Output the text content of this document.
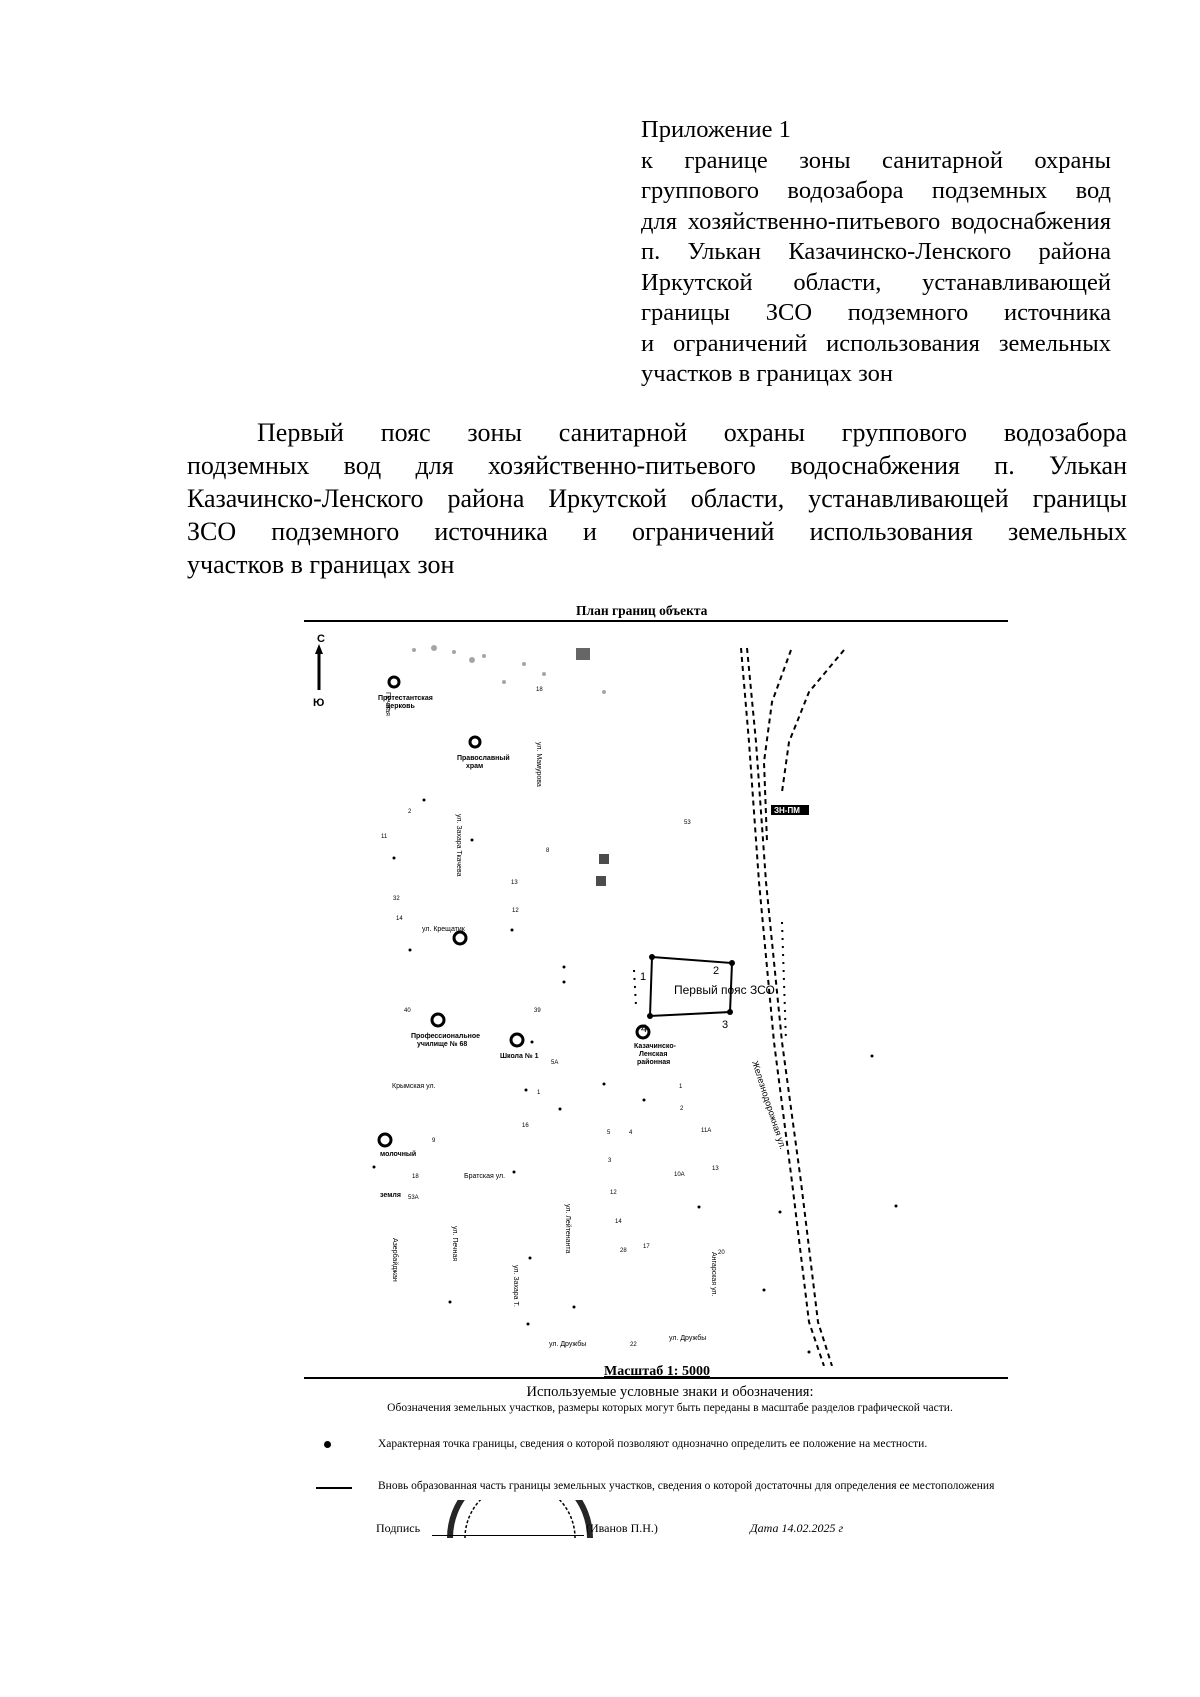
Приложение 1

к границе зоны санитарной охраны

группового водозабора подземных вод

для хозяйственно-питьевого водоснабжения

п. Улькан Казачинско-Ленского района

Иркутской области, устанавливающей

границы ЗСО подземного источника

и ограничений использования земельных

участков в границах зон

Первый пояс зоны санитарной охраны группового водозабора

подземных вод для хозяйственно-питьевого водоснабжения п. Улькан

Казачинско-Ленского района Иркутской области, устанавливающей границы

ЗСО подземного источника и ограничений использования земельных

участков в границах зон

План границ объекта
С
Ю
ЗН-ПМ
1	2
3
4
Первый пояс ЗСО
Протестантская
церковь
Православный
храм
Профессиональное
училище № 68
Школа № 1
Казачинско-
Ленская
районная
молочный
земля
Печная
ул. Мамурова
ул. Захара Ткачева
ул. Крещатик
Крымская ул.
Братская ул.
ул. Лейтенанта
Железнодорожная ул.
ул. Дружбы
ул. Дружбы
ул. Печная
Азербайджан
ул. Захара Т.	Ангарская ул.
18
53
2
11
8
13
12
32
14
40	39
1
5	4
2
1
3
11А
13
12
14
17
28
22
18
53А
10А
9
16
5А
20
Масштаб 1: 5000
Используемые условные знаки и обозначения:
Обозначения земельных участков, размеры которых могут быть переданы в масштабе разделов графической части.
Характерная точка границы, сведения о которой позволяют однозначно определить ее положение на местности.
Вновь образованная часть границы земельных участков, сведения о которой достаточны для определения ее местоположения
Подпись	(Иванов П.Н.)	Дата 14.02.2025 г
